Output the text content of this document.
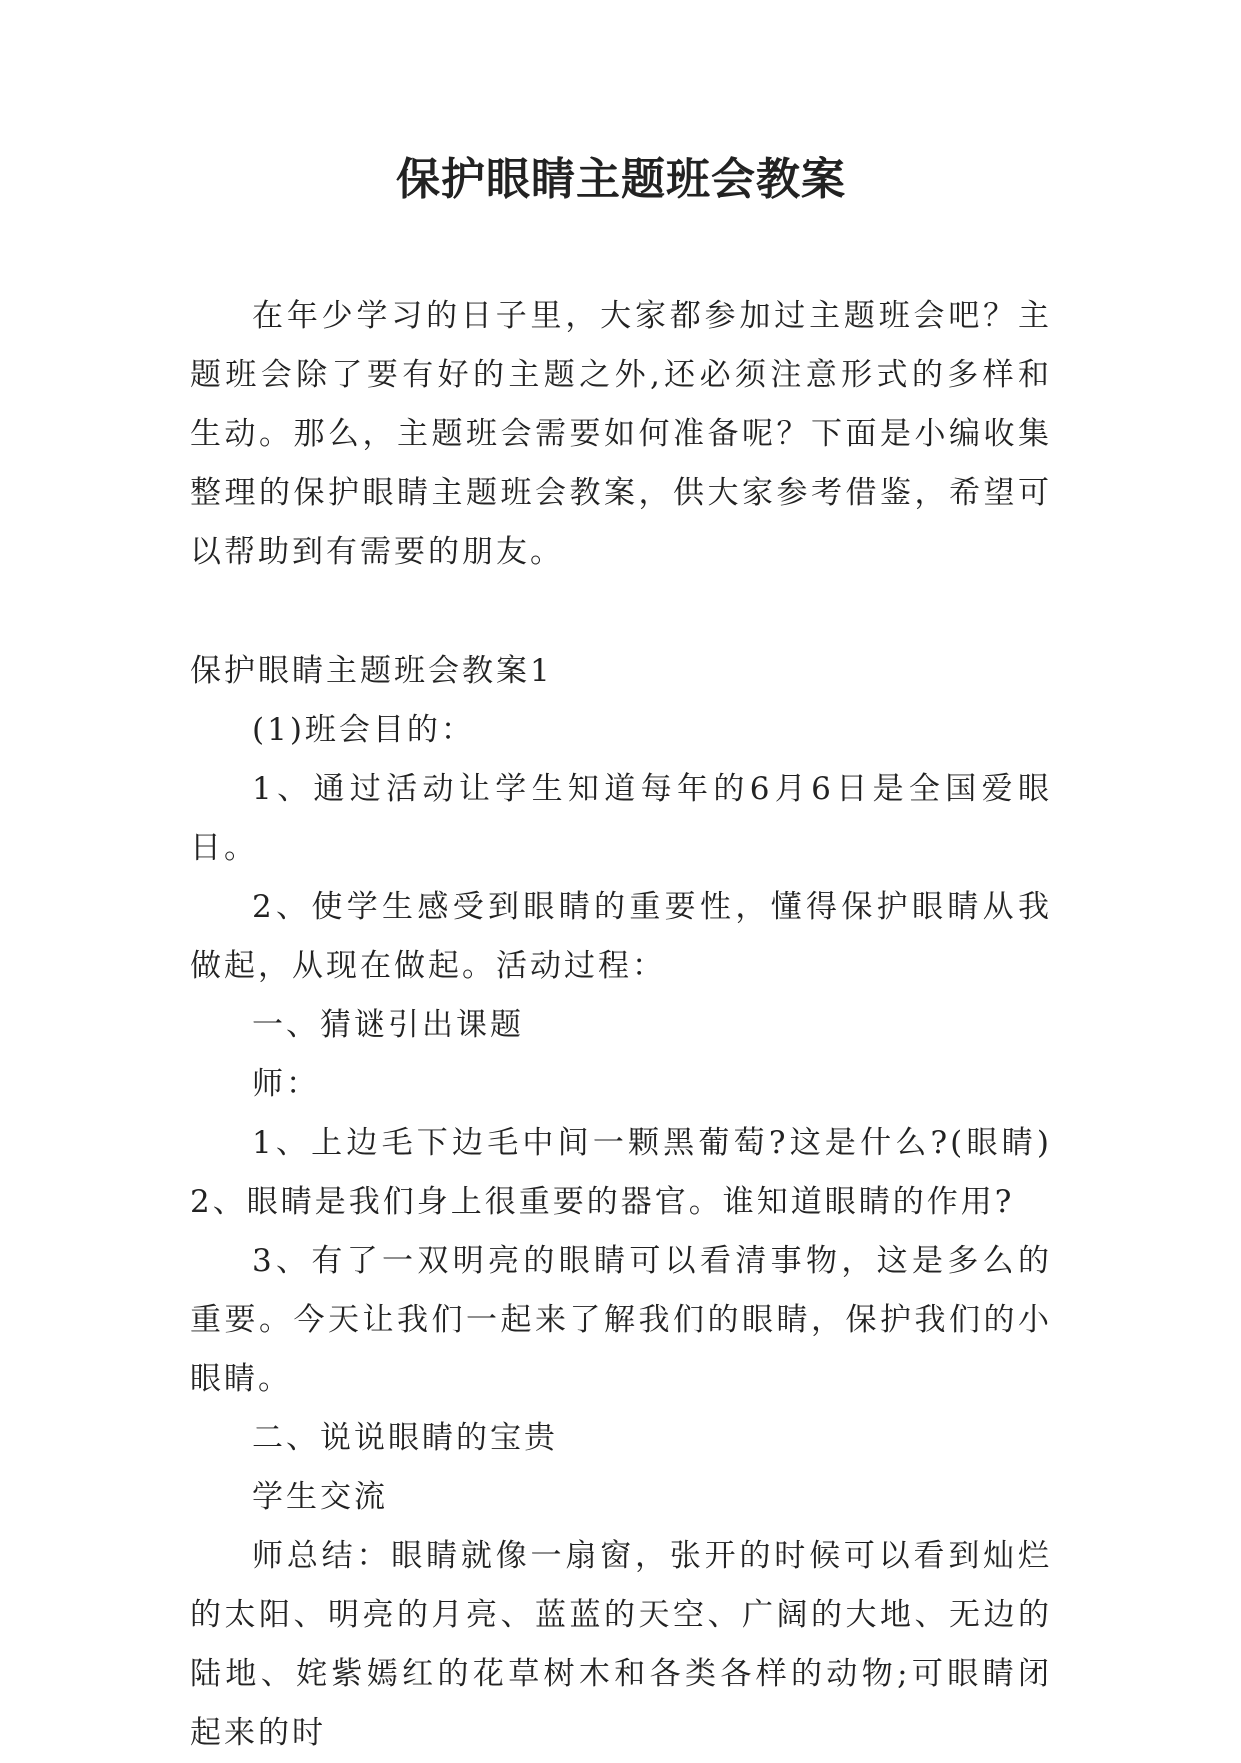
保护眼睛主题班会教案

在年少学习的日子里，大家都参加过主题班会吧？主题班会除了要有好的主题之外,还必须注意形式的多样和生动。那么，主题班会需要如何准备呢？下面是小编收集整理的保护眼睛主题班会教案，供大家参考借鉴，希望可以帮助到有需要的朋友。

保护眼睛主题班会教案1

(1)班会目的：

1、通过活动让学生知道每年的6月6日是全国爱眼日。

2、使学生感受到眼睛的重要性，懂得保护眼睛从我做起，从现在做起。活动过程：

一、猜谜引出课题

师：

1、上边毛下边毛中间一颗黑葡萄?这是什么?(眼睛) 2、眼睛是我们身上很重要的器官。谁知道眼睛的作用?

3、有了一双明亮的眼睛可以看清事物，这是多么的重要。今天让我们一起来了解我们的眼睛，保护我们的小眼睛。

二、说说眼睛的宝贵

学生交流

师总结：眼睛就像一扇窗，张开的时候可以看到灿烂的太阳、明亮的月亮、蓝蓝的天空、广阔的大地、无边的陆地、姹紫嫣红的花草树木和各类各样的动物;可眼睛闭起来的时
